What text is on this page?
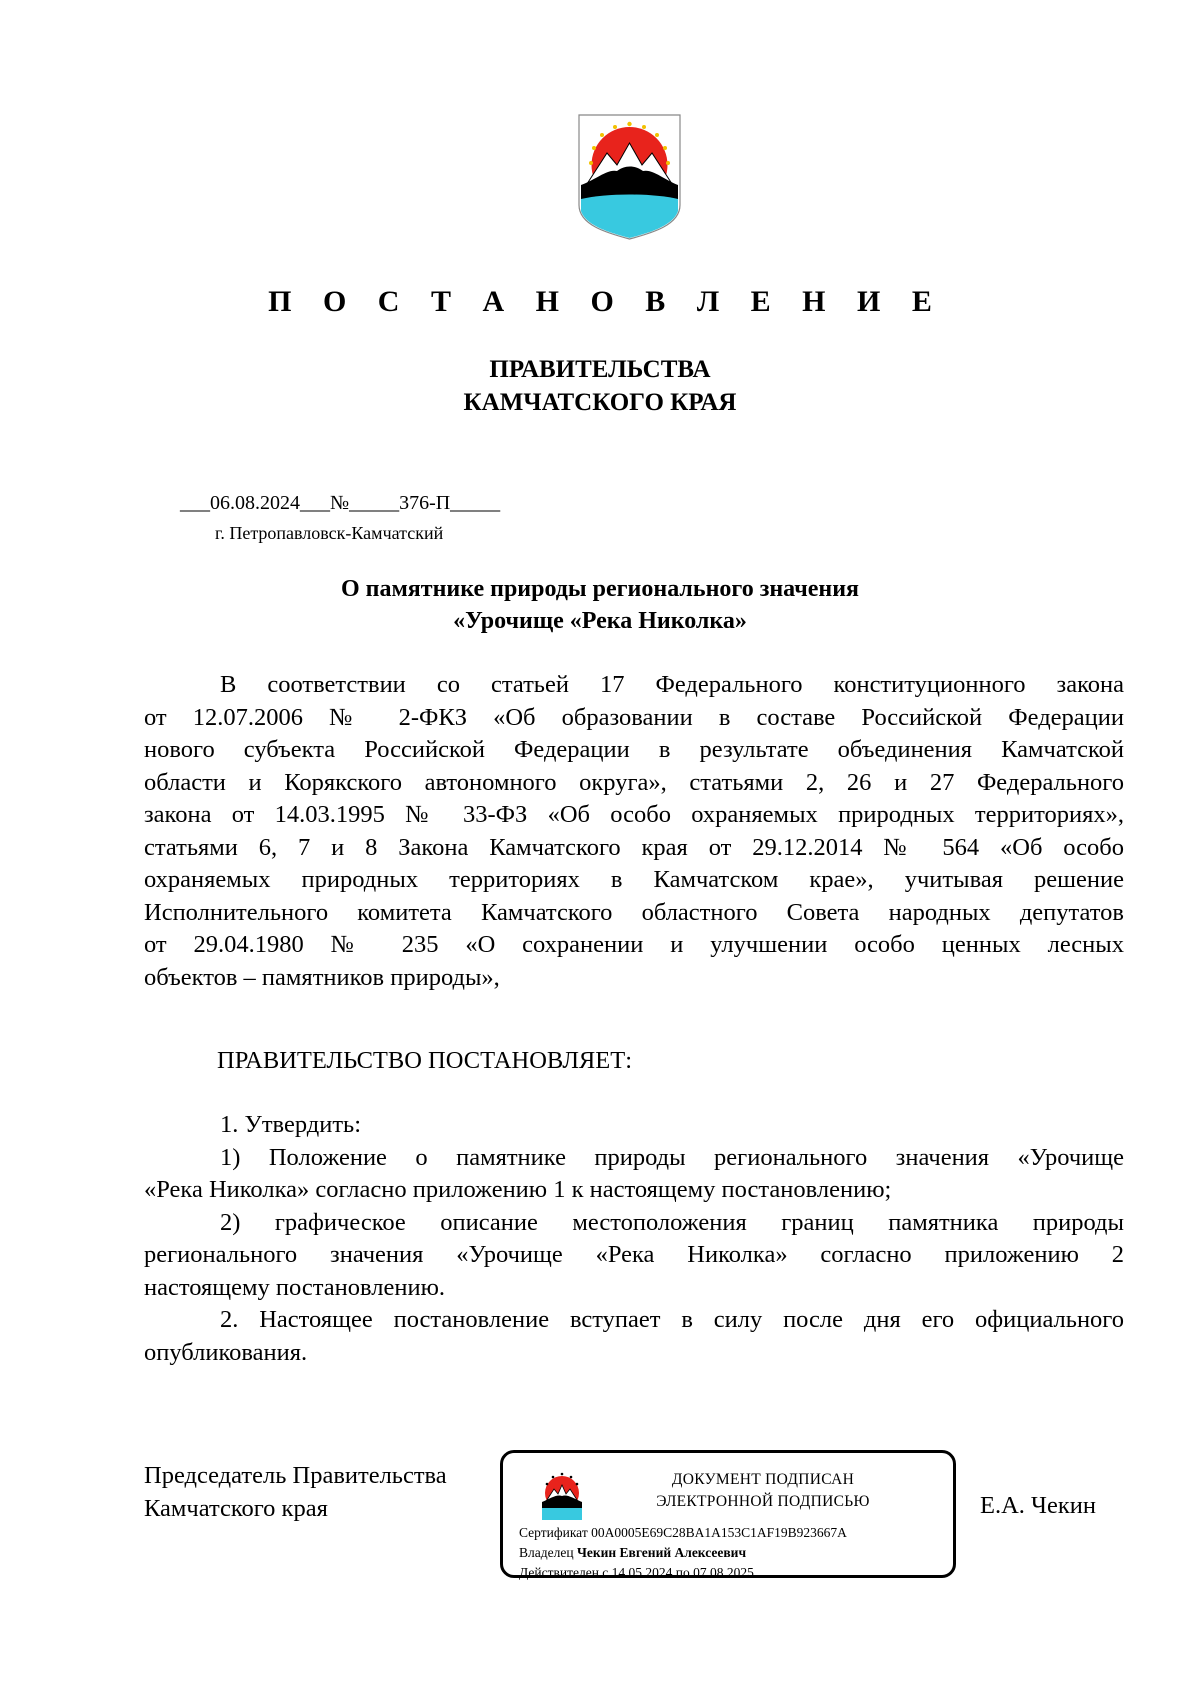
П О С Т А Н О В Л Е Н И Е
ПРАВИТЕЛЬСТВА
КАМЧАТСКОГО КРАЯ
___06.08.2024___№_____376-П_____
г. Петропавловск-Камчатский
О памятнике природы регионального значения
«Урочище «Река Николка»
В соответствии со статьей 17 Федерального конституционного закона
от 12.07.2006 № 2-ФКЗ «Об образовании в составе Российской Федерации
нового субъекта Российской Федерации в результате объединения Камчатской
области и Корякского автономного округа», статьями 2, 26 и 27 Федерального
закона от 14.03.1995 № 33-ФЗ «Об особо охраняемых природных территориях»,
статьями 6, 7 и 8 Закона Камчатского края от 29.12.2014 № 564 «Об особо
охраняемых природных территориях в Камчатском крае», учитывая решение
Исполнительного комитета Камчатского областного Совета народных депутатов
от 29.04.1980 № 235 «О сохранении и улучшении особо ценных лесных
объектов – памятников природы»,
ПРАВИТЕЛЬСТВО ПОСТАНОВЛЯЕТ:
1. Утвердить:
1) Положение о памятнике природы регионального значения «Урочище
«Река Николка» согласно приложению 1 к настоящему постановлению;
2) графическое описание местоположения границ памятника природы
регионального значения «Урочище «Река Николка» согласно приложению 2
настоящему постановлению.
2. Настоящее постановление вступает в силу после дня его официального
опубликования.
Председатель Правительства
Камчатского края	Е.А. Чекин
ДОКУМЕНТ ПОДПИСАН
ЭЛЕКТРОННОЙ ПОДПИСЬЮ
Сертификат 00A0005E69C28BA1A153C1AF19B923667A
Владелец Чекин Евгений Алексеевич
Действителен с 14.05.2024 по 07.08.2025
